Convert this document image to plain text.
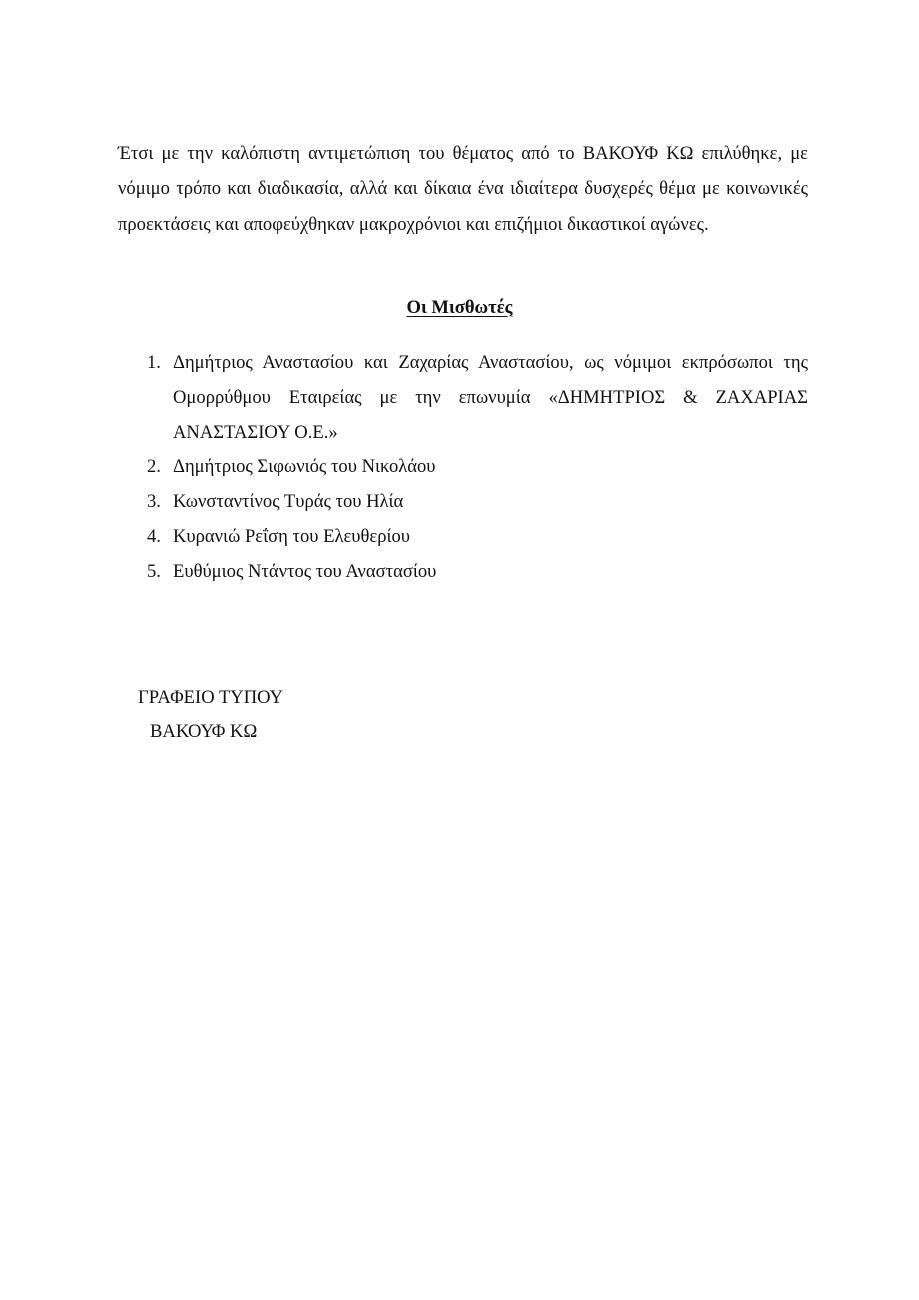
Έτσι με την καλόπιστη αντιμετώπιση του θέματος από το ΒΑΚΟΥΦ ΚΩ επιλύθηκε, με νόμιμο τρόπο και διαδικασία, αλλά και δίκαια ένα ιδιαίτερα δυσχερές θέμα με κοινωνικές προεκτάσεις και αποφεύχθηκαν μακροχρόνιοι και επιζήμιοι δικαστικοί αγώνες.

Οι Μισθωτές
1. Δημήτριος Αναστασίου και Ζαχαρίας Αναστασίου, ως νόμιμοι εκπρόσωποι της Ομορρύθμου Εταιρείας με την επωνυμία «ΔΗΜΗΤΡΙΟΣ & ΖΑΧΑΡΙΑΣ ΑΝΑΣΤΑΣΙΟΥ Ο.Ε.»
2. Δημήτριος Σιφωνιός του Νικολάου
3. Κωνσταντίνος Τυράς του Ηλία
4. Κυρανιώ Ρεΐση του Ελευθερίου
5. Ευθύμιος Ντάντος του Αναστασίου
ΓΡΑΦΕΙΟ ΤΥΠΟΥ
ΒΑΚΟΥΦ ΚΩ
